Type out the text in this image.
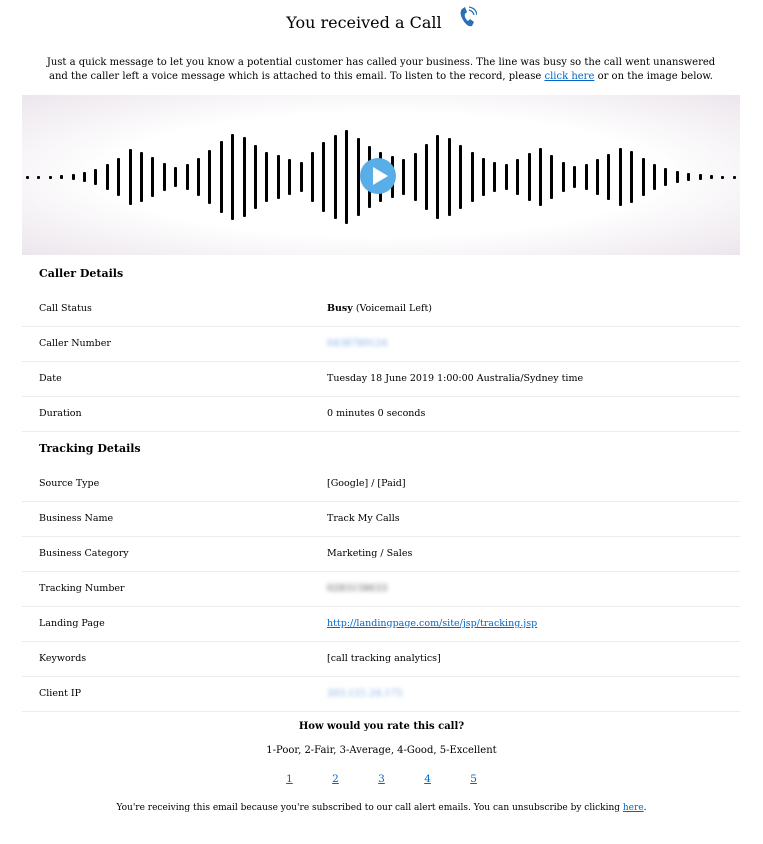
You received a Call
Just a quick message to let you know a potential customer has called your business. The line was busy so the call went unanswered and the caller left a voice message which is attached to this email. To listen to the record, please click here or on the image below.
Caller Details
Call Status	Busy (Voicemail Left)
Caller Number	0438789124
Date	Tuesday 18 June 2019 1:00:00 Australia/Sydney time
Duration	0 minutes 0 seconds
Tracking Details
Source Type	[Google] / [Paid]
Business Name	Track My Calls
Business Category	Marketing / Sales
Tracking Number	0283158633
Landing Page	http://landingpage.com/site/jsp/tracking.jsp
Keywords	[call tracking analytics]
Client IP	203.121.24.175
How would you rate this call?
1-Poor, 2-Fair, 3-Average, 4-Good, 5-Excellent
1	2	3	4	5
You're receiving this email because you're subscribed to our call alert emails. You can unsubscribe by clicking here.
